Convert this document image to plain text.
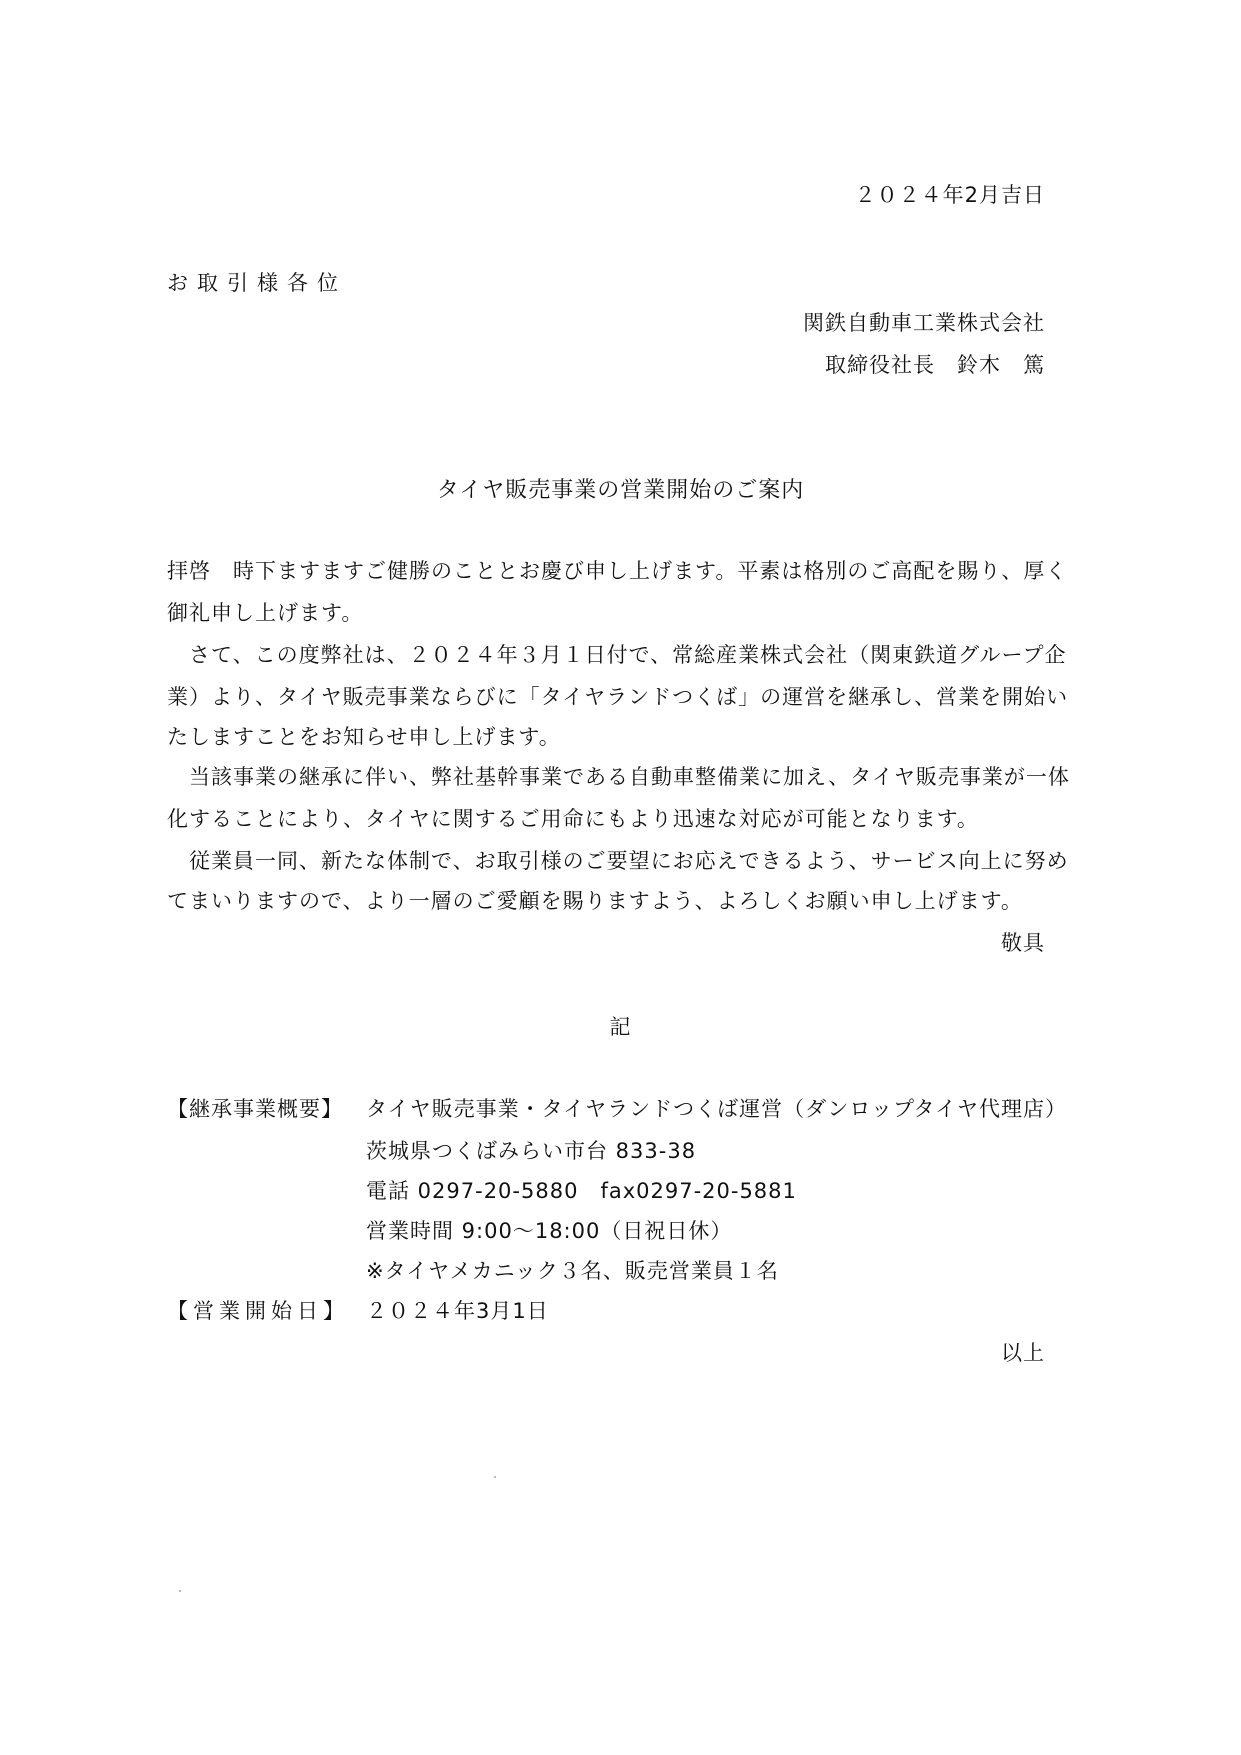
２０２４年2月吉日
お取引様各位
関鉄自動車工業株式会社
取締役社長　鈴木　篤
タイヤ販売事業の営業開始のご案内
拝啓　時下ますますご健勝のこととお慶び申し上げます。平素は格別のご高配を賜り、厚く
御礼申し上げます。
　さて、この度弊社は、２０２４年３月１日付で、常総産業株式会社（関東鉄道グループ企
業）より、タイヤ販売事業ならびに「タイヤランドつくば」の運営を継承し、営業を開始い
たしますことをお知らせ申し上げます。
　当該事業の継承に伴い、弊社基幹事業である自動車整備業に加え、タイヤ販売事業が一体
化することにより、タイヤに関するご用命にもより迅速な対応が可能となります。
　従業員一同、新たな体制で、お取引様のご要望にお応えできるよう、サービス向上に努め
てまいりますので、より一層のご愛顧を賜りますよう、よろしくお願い申し上げます。
敬具
記
【継承事業概要】 タイヤ販売事業・タイヤランドつくば運営（ダンロップタイヤ代理店）
茨城県つくばみらい市台 833-38
電話 0297-20-5880　fax0297-20-5881
営業時間 9:00～18:00（日祝日休）
※タイヤメカニック３名、販売営業員１名
【営業開始日】 ２０２４年3月1日
以上
